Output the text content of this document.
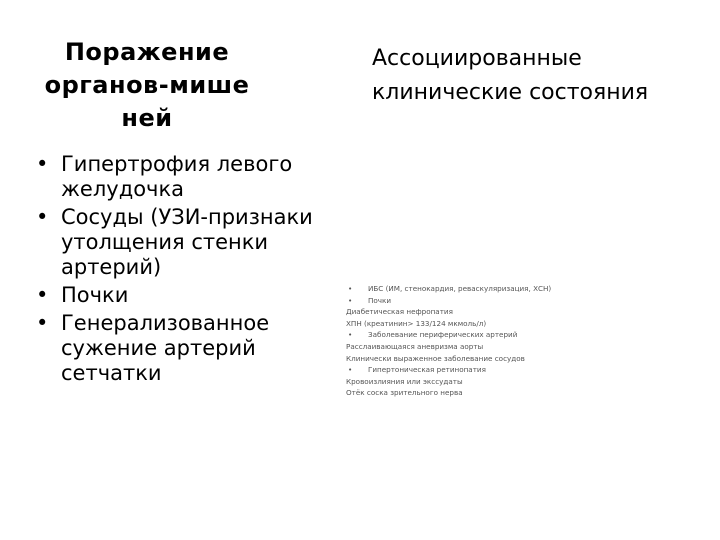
Поражение
органов-мише
ней
• Гипертрофия левого
желудочка
• Сосуды (УЗИ-признаки
утолщения стенки
артерий)
• Почки
• Генерализованное
сужение артерий
сетчатки
Ассоциированные
клинические состояния
• ИБС (ИМ, стенокардия, реваскуляризация, ХСН)
• Почки
Диабетическая нефропатия
ХПН (креатинин> 133/124 мкмоль/л)
• Заболевание периферических артерий
Расслаивающаяся аневризма аорты
Клинически выраженное заболевание сосудов
• Гипертоническая ретинопатия
Кровоизлияния или экссудаты
Отёк соска зрительного нерва
